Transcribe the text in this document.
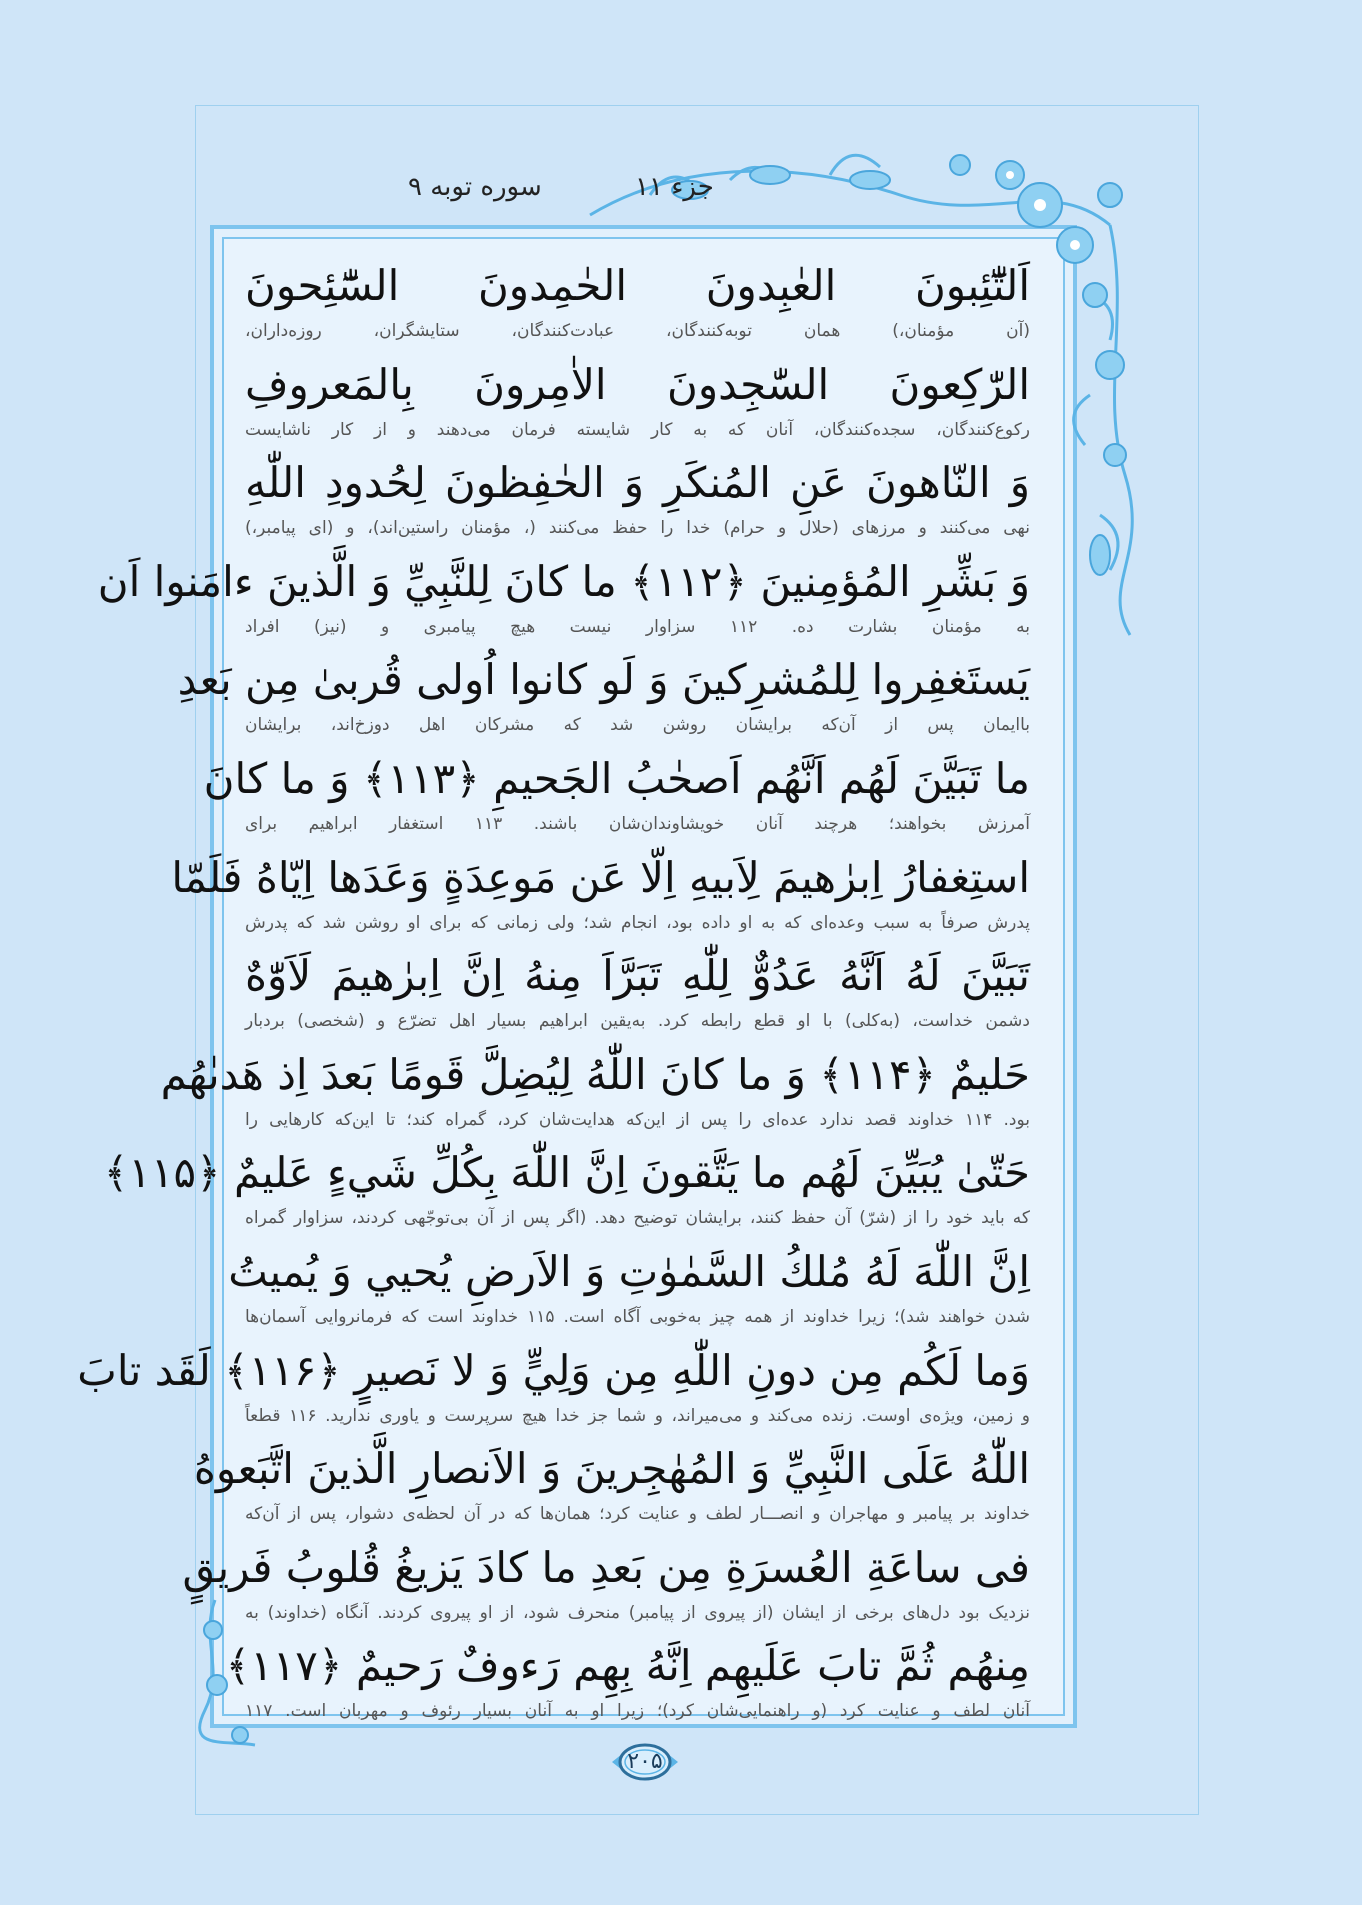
سوره توبه ۹	جزء ۱۱
اَلتّٰٓئِبونَ العٰبِدونَ الحٰمِدونَ السّٰٓئِحونَ
(آن مؤمنان،) همان توبه‌کنندگان، عبادت‌کنندگان، ستایشگران، روزه‌داران،
الرّٰكِعونَ السّٰجِدونَ الاٰمِرونَ بِالمَعروفِ
رکوع‌کنندگان، سجده‌کنندگان، آنان که به کار شایسته فرمان می‌دهند و از کار ناشایست
وَ النّاهونَ عَنِ المُنكَرِ وَ الحٰفِظونَ لِحُدودِ اللّٰهِ
نهی می‌کنند و مرزهای (حلال و حرام) خدا را حفظ می‌کنند (، مؤمنان راستین‌اند)، و (ای پیامبر،)
وَ بَشِّرِ المُؤمِنينَ ﴿۱۱۲﴾ ما كانَ لِلنَّبِيِّ وَ الَّذينَ ءامَنوا اَن
به مؤمنان بشارت ده. ۱۱۲ سزاوار نیست هیچ پیامبری و (نیز) افراد
يَستَغفِروا لِلمُشرِكينَ وَ لَو كانوا اُولى قُربىٰ مِن بَعدِ
باایمان پس از آن‌که برایشان روشن شد که مشرکان اهل دوزخ‌اند، برایشان
ما تَبَيَّنَ لَهُم اَنَّهُم اَصحٰبُ الجَحيمِ ﴿۱۱۳﴾ وَ ما كانَ
آمرزش بخواهند؛ هرچند آنان خویشاوندان‌شان باشند. ۱۱۳ استغفار ابراهیم برای
استِغفارُ اِبرٰهيمَ لِاَبيهِ اِلّا عَن مَوعِدَةٍ وَعَدَها اِيّاهُ فَلَمّا
پدرش صرفاً به سبب وعده‌ای که به او داده بود، انجام شد؛ ولی زمانی که برای او روشن شد که پدرش
تَبَيَّنَ لَهُ اَنَّهُ عَدُوٌّ لِلّٰهِ تَبَرَّاَ مِنهُ اِنَّ اِبرٰهيمَ لَاَوّٰهٌ
دشمن خداست، (به‌کلی) با او قطع رابطه کرد. به‌یقین ابراهیم بسیار اهل تضرّع و (شخصی) بردبار
حَليمٌ ﴿۱۱۴﴾ وَ ما كانَ اللّٰهُ لِيُضِلَّ قَومًا بَعدَ اِذ هَدىٰهُم
بود. ۱۱۴ خداوند قصد ندارد عده‌ای را پس از این‌که هدایت‌شان کرد، گمراه کند؛ تا این‌که کارهایی را
حَتّىٰ يُبَيِّنَ لَهُم ما يَتَّقونَ اِنَّ اللّٰهَ بِكُلِّ شَيءٍ عَليمٌ ﴿۱۱۵﴾
که باید خود را از (شرّ) آن حفظ کنند، برایشان توضیح دهد. (اگر پس از آن بی‌توجّهی کردند، سزاوار گمراه
اِنَّ اللّٰهَ لَهُ مُلكُ السَّمٰوٰتِ وَ الاَرضِ يُحيي وَ يُميتُ
شدن خواهند شد)؛ زیرا خداوند از همه چیز به‌خوبی آگاه است. ۱۱۵ خداوند است که فرمانروایی آسمان‌ها
وَما لَكُم مِن دونِ اللّٰهِ مِن وَلِيٍّ وَ لا نَصيرٍ ﴿۱۱۶﴾ لَقَد تابَ
و زمین، ویژه‌ی اوست. زنده می‌کند و می‌میراند، و شما جز خدا هیچ سرپرست و یاوری ندارید. ۱۱۶ قطعاً
اللّٰهُ عَلَى النَّبِيِّ وَ المُهٰجِرينَ وَ الاَنصارِ الَّذينَ اتَّبَعوهُ
خداوند بر پیامبر و مهاجران و انصـــار لطف و عنایت کرد؛ همان‌ها که در آن لحظه‌ی دشوار، پس از آن‌که
فى ساعَةِ العُسرَةِ مِن بَعدِ ما كادَ يَزيغُ قُلوبُ فَريقٍ
نزدیک بود دل‌های برخی از ایشان (از پیروی از پیامبر) منحرف شود، از او پیروی کردند. آنگاه (خداوند) به
مِنهُم ثُمَّ تابَ عَلَيهِم اِنَّهُ بِهِم رَءوفٌ رَحيمٌ ﴿۱۱۷﴾
آنان لطف و عنایت کرد (و راهنمایی‌شان کرد)؛ زیرا او به آنان بسیار رئوف و مهربان است. ۱۱۷
۲۰۵
